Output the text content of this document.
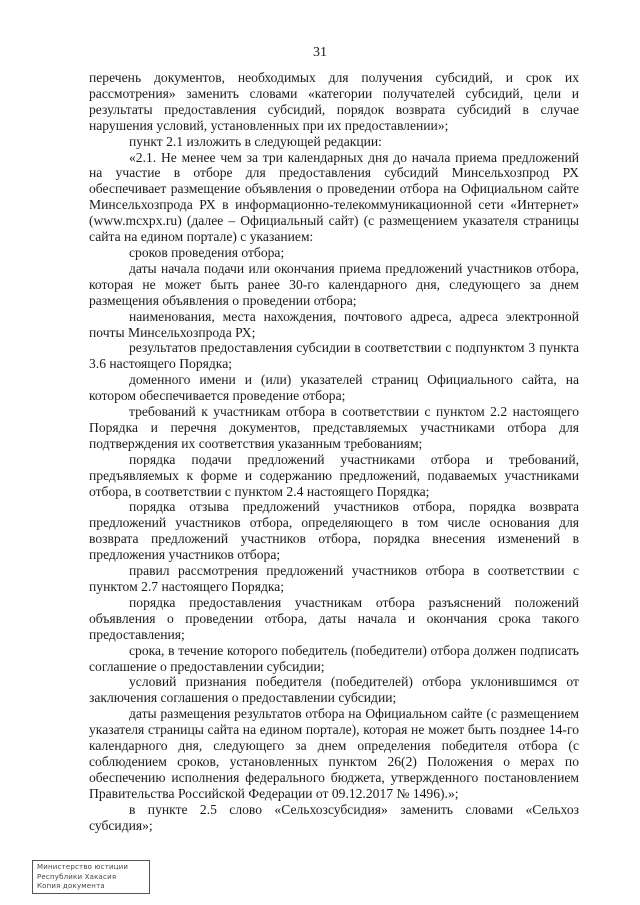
31

перечень документов, необходимых для получения субсидий, и срок их рассмотрения» заменить словами «категории получателей субсидий, цели и результаты предоставления субсидий, порядок возврата субсидий в случае нарушения условий, установленных при их предоставлении»;

пункт 2.1 изложить в следующей редакции:

«2.1. Не менее чем за три календарных дня до начала приема предложений на участие в отборе для предоставления субсидий Минсельхозпрод РХ обеспечивает размещение объявления о проведении отбора на Официальном сайте Минсельхозпрода РХ в информационно-телекоммуникационной сети «Интернет» (www.mcxpx.ru) (далее – Официальный сайт) (с размещением указателя страницы сайта на едином портале) с указанием:

сроков проведения отбора;

даты начала подачи или окончания приема предложений участников отбора, которая не может быть ранее 30-го календарного дня, следующего за днем размещения объявления о проведении отбора;

наименования, места нахождения, почтового адреса, адреса электронной почты Минсельхозпрода РХ;

результатов предоставления субсидии в соответствии с подпунктом 3 пункта 3.6 настоящего Порядка;

доменного имени и (или) указателей страниц Официального сайта, на котором обеспечивается проведение отбора;

требований к участникам отбора в соответствии с пунктом 2.2 настоящего Порядка и перечня документов, представляемых участниками отбора для подтверждения их соответствия указанным требованиям;

порядка подачи предложений участниками отбора и требований, предъявляемых к форме и содержанию предложений, подаваемых участниками отбора, в соответствии с пунктом 2.4 настоящего Порядка;

порядка отзыва предложений участников отбора, порядка возврата предложений участников отбора, определяющего в том числе основания для возврата предложений участников отбора, порядка внесения изменений в предложения участников отбора;

правил рассмотрения предложений участников отбора в соответствии с пунктом 2.7 настоящего Порядка;

порядка предоставления участникам отбора разъяснений положений объявления о проведении отбора, даты начала и окончания срока такого предоставления;

срока, в течение которого победитель (победители) отбора должен подписать соглашение о предоставлении субсидии;

условий признания победителя (победителей) отбора уклонившимся от заключения соглашения о предоставлении субсидии;

даты размещения результатов отбора на Официальном сайте (с размещением указателя страницы сайта на едином портале), которая не может быть позднее 14-го календарного дня, следующего за днем определения победителя отбора (с соблюдением сроков, установленных пунктом 26(2) Положения о мерах по обеспечению исполнения федерального бюджета, утвержденного постановлением Правительства Российской Федерации от 09.12.2017 № 1496).»;

в пункте 2.5 слово «Сельхозсубсидия» заменить словами «Сельхоз субсидия»;

Министерство юстиции
Республики Хакасия
Копия документа
